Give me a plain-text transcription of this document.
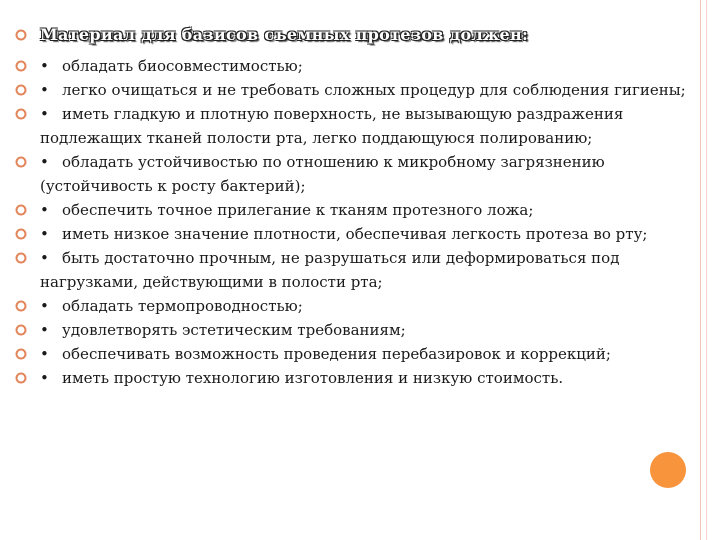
Материал для базисов съемных протезов должен:
• обладать биосовместимостью;
• легко очищаться и не требовать сложных процедур для соблюдения гигиены;
• иметь гладкую и плотную поверхность, не вызывающую раздражения подлежащих тканей полости рта, легко поддающуюся полированию;
• обладать устойчивостью по отношению к микробному загрязнению (устойчивость к росту бактерий);
• обеспечить точное прилегание к тканям протезного ложа;
• иметь низкое значение плотности, обеспечивая легкость протеза во рту;
• быть достаточно прочным, не разрушаться или деформироваться под нагрузками, действующими в полости рта;
• обладать термопроводностью;
• удовлетворять эстетическим требованиям;
• обеспечивать возможность проведения перебазировок и коррекций;
• иметь простую технологию изготовления и низкую стоимость.
